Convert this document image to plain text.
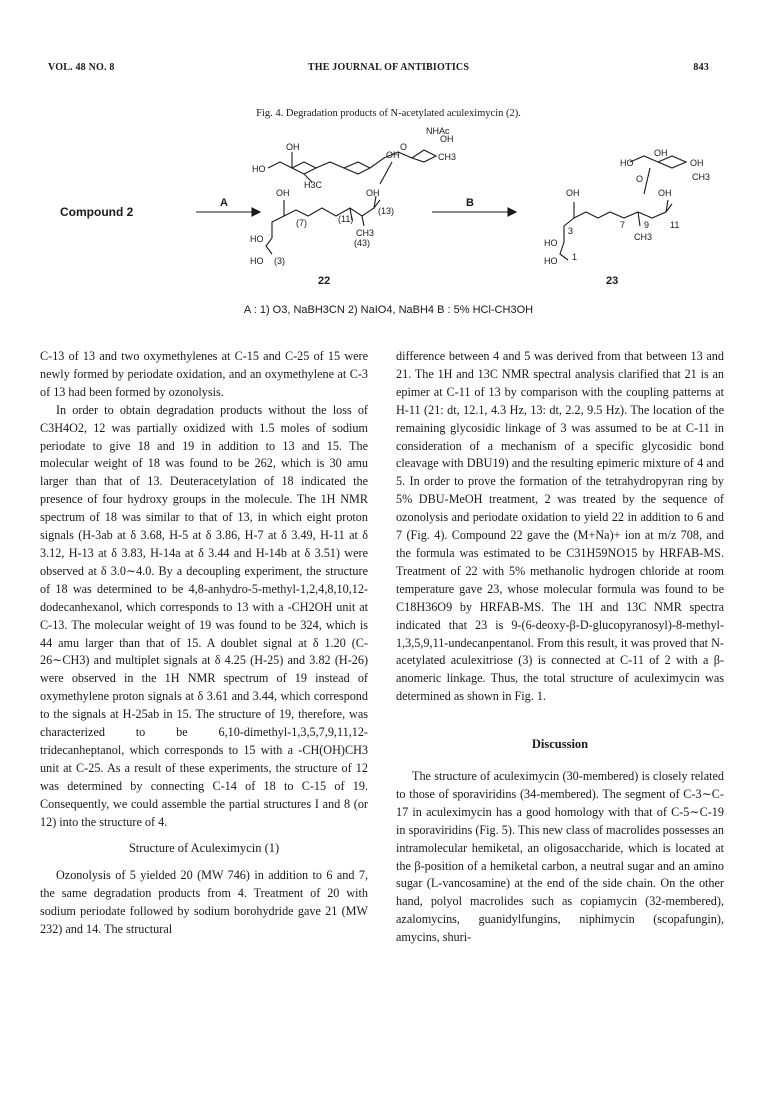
VOL. 48 NO. 8	THE JOURNAL OF ANTIBIOTICS	843
Fig. 4. Degradation products of N-acetylated aculeximycin (2).
Compound 2
A	B
NHAc
OH
CH3
O
OH
OH
HO
H3C
OH	OH
(7)	(11)
(13)
CH3
(43)
HO
HO (3)
22
OH
OH
HO
CH3
O
OH	OH
7 9 11
CH3
3
HO
HO 1
23
A : 1) O3, NaBH3CN 2) NaIO4, NaBH4 B : 5% HCl-CH3OH

C-13 of 13 and two oxymethylenes at C-15 and C-25 of 15 were newly formed by periodate oxidation, and an oxymethylene at C-3 of 13 had been formed by ozonolysis.

In order to obtain degradation products without the loss of C3H4O2, 12 was partially oxidized with 1.5 moles of sodium periodate to give 18 and 19 in addition to 13 and 15. The molecular weight of 18 was found to be 262, which is 30 amu larger than that of 13. Deuteracetylation of 18 indicated the presence of four hydroxy groups in the molecule. The 1H NMR spectrum of 18 was similar to that of 13, in which eight proton signals (H-3ab at δ 3.68, H-5 at δ 3.86, H-7 at δ 3.49, H-11 at δ 3.12, H-13 at δ 3.83, H-14a at δ 3.44 and H-14b at δ 3.51) were observed at δ 3.0∼4.0. By a decoupling experiment, the structure of 18 was determined to be 4,8-anhydro-5-methyl-1,2,4,8,10,12-dodecanhexanol, which corresponds to 13 with a -CH2OH unit at C-13. The molecular weight of 19 was found to be 324, which is 44 amu larger than that of 15. A doublet signal at δ 1.20 (C-26∼CH3) and multiplet signals at δ 4.25 (H-25) and 3.82 (H-26) were observed in the 1H NMR spectrum of 19 instead of oxymethylene proton signals at δ 3.61 and 3.44, which correspond to the signals at H-25ab in 15. The structure of 19, therefore, was characterized to be 6,10-dimethyl-1,3,5,7,9,11,12-tridecanheptanol, which corresponds to 15 with a -CH(OH)CH3 unit at C-25. As a result of these experiments, the structure of 12 was determined by connecting C-14 of 18 to C-15 of 19. Consequently, we could assemble the partial structures I and 8 (or 12) into the structure of 4.

Structure of Aculeximycin (1)

Ozonolysis of 5 yielded 20 (MW 746) in addition to 6 and 7, the same degradation products from 4. Treatment of 20 with sodium periodate followed by sodium borohydride gave 21 (MW 232) and 14. The structural

difference between 4 and 5 was derived from that between 13 and 21. The 1H and 13C NMR spectral analysis clarified that 21 is an epimer at C-11 of 13 by comparison with the coupling patterns at H-11 (21: dt, 12.1, 4.3 Hz, 13: dt, 2.2, 9.5 Hz). The location of the remaining glycosidic linkage of 3 was assumed to be at C-11 in consideration of a mechanism of a specific glycosidic bond cleavage with DBU19) and the resulting epimeric mixture of 4 and 5. In order to prove the formation of the tetrahydropyran ring by 5% DBU-MeOH treatment, 2 was treated by the sequence of ozonolysis and periodate oxidation to yield 22 in addition to 6 and 7 (Fig. 4). Compound 22 gave the (M+Na)+ ion at m/z 708, and the formula was estimated to be C31H59NO15 by HRFAB-MS. Treatment of 22 with 5% methanolic hydrogen chloride at room temperature gave 23, whose molecular formula was found to be C18H36O9 by HRFAB-MS. The 1H and 13C NMR spectra indicated that 23 is 9-(6-deoxy-β-D-glucopyranosyl)-8-methyl-1,3,5,9,11-undecanpentanol. From this result, it was proved that N-acetylated aculexitriose (3) is connected at C-11 of 2 with a β-anomeric linkage. Thus, the total structure of aculeximycin was determined as shown in Fig. 1.

Discussion

The structure of aculeximycin (30-membered) is closely related to those of sporaviridins (34-membered). The segment of C-3∼C-17 in aculeximycin has a good homology with that of C-5∼C-19 in sporaviridins (Fig. 5). This new class of macrolides possesses an intramolecular hemiketal, an oligosaccharide, which is located at the β-position of a hemiketal carbon, a neutral sugar and an amino sugar (L-vancosamine) at the end of the side chain. On the other hand, polyol macrolides such as copiamycin (32-membered), azalomycins, guanidylfungins, niphimycin (scopafungin), amycins, shuri-
